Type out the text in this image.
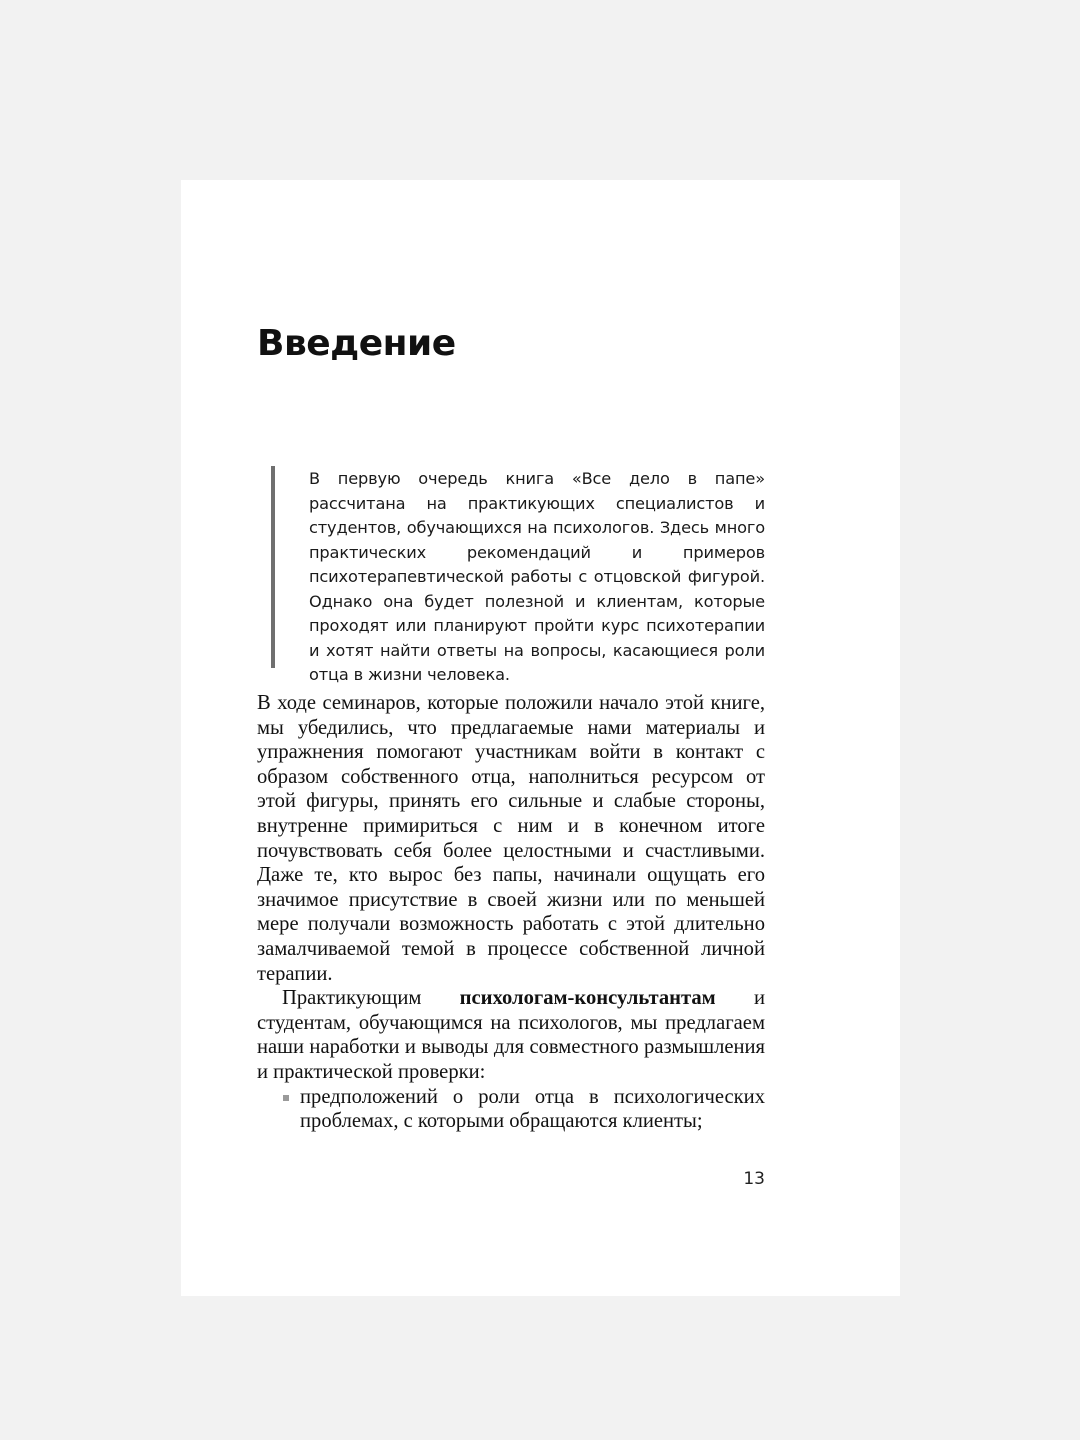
Введение

В первую очередь книга «Все дело в папе» рассчитана на практикующих специалистов и студентов, обучающихся на психологов. Здесь много практических рекомендаций и примеров психотерапевтической работы с отцовской фигурой. Однако она будет полезной и клиентам, которые проходят или планируют пройти курс психотерапии и хотят найти ответы на вопросы, касающиеся роли отца в жизни человека.

В ходе семинаров, которые положили начало этой книге, мы убедились, что предлагаемые нами материалы и упражнения помогают участникам войти в контакт с образом собственного отца, наполниться ресурсом от этой фигуры, принять его сильные и слабые стороны, внутренне примириться с ним и в конечном итоге почувствовать себя более целостными и счастливыми. Даже те, кто вырос без папы, начинали ощущать его значимое присутствие в своей жизни или по меньшей мере получали возможность работать с этой длительно замалчиваемой темой в процессе собственной личной терапии.

Практикующим психологам-консультантам и студентам, обучающимся на психологов, мы предлагаем наши наработки и выводы для совместного размышления и практической проверки:

предположений о роли отца в психологических проблемах, с которыми обращаются клиенты;

13
